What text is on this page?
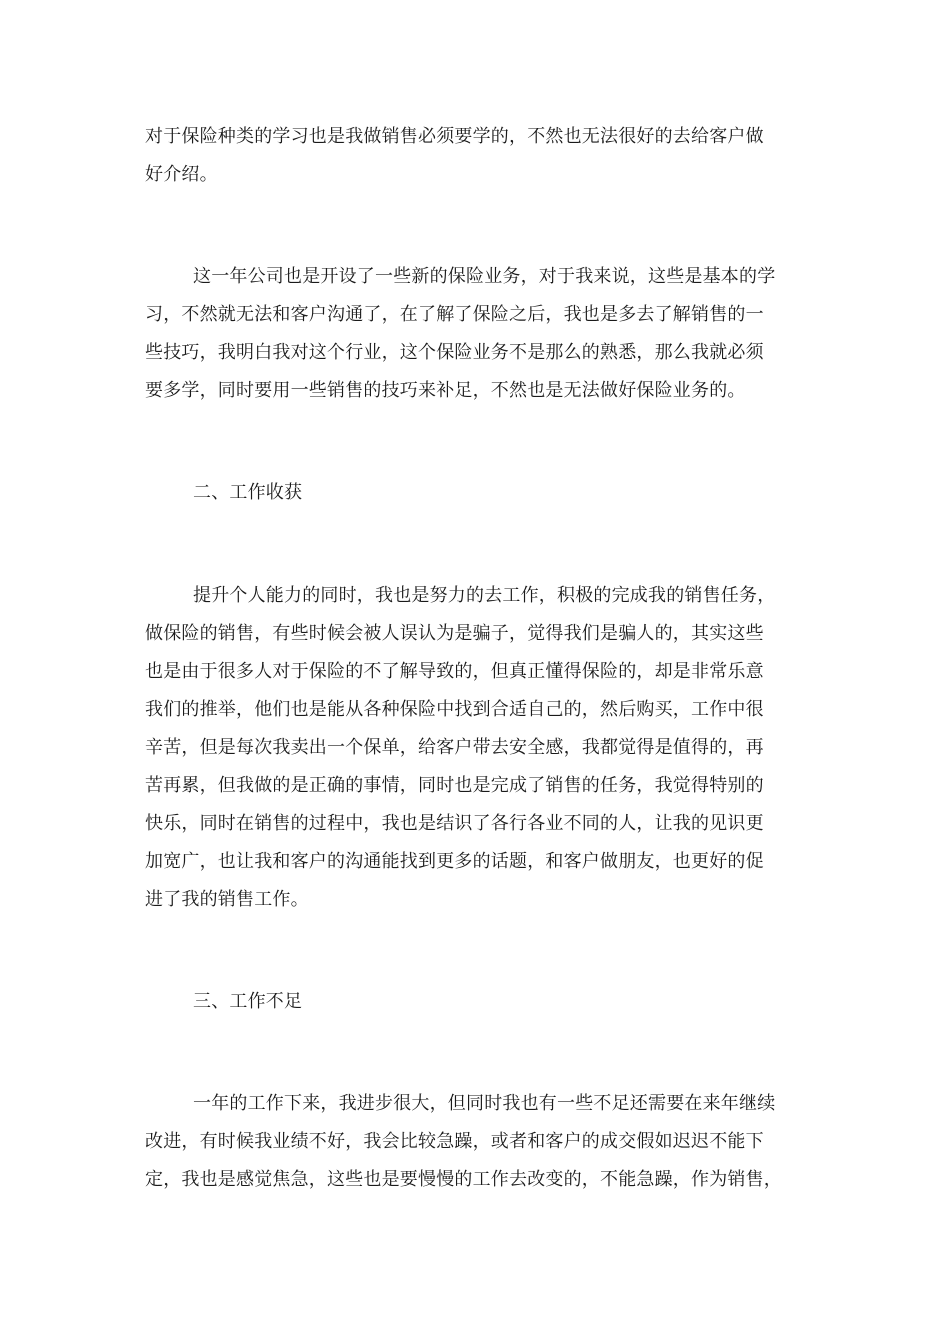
对于保险种类的学习也是我做销售必须要学的，不然也无法很好的去给客户做

好介绍。

这一年公司也是开设了一些新的保险业务，对于我来说，这些是基本的学

习，不然就无法和客户沟通了，在了解了保险之后，我也是多去了解销售的一

些技巧，我明白我对这个行业，这个保险业务不是那么的熟悉，那么我就必须

要多学，同时要用一些销售的技巧来补足，不然也是无法做好保险业务的。

二、工作收获

提升个人能力的同时，我也是努力的去工作，积极的完成我的销售任务，

做保险的销售，有些时候会被人误认为是骗子，觉得我们是骗人的，其实这些

也是由于很多人对于保险的不了解导致的，但真正懂得保险的，却是非常乐意

我们的推举，他们也是能从各种保险中找到合适自己的，然后购买，工作中很

辛苦，但是每次我卖出一个保单，给客户带去安全感，我都觉得是值得的，再

苦再累，但我做的是正确的事情，同时也是完成了销售的任务，我觉得特别的

快乐，同时在销售的过程中，我也是结识了各行各业不同的人，让我的见识更

加宽广，也让我和客户的沟通能找到更多的话题，和客户做朋友，也更好的促

进了我的销售工作。

三、工作不足

一年的工作下来，我进步很大，但同时我也有一些不足还需要在来年继续

改进，有时候我业绩不好，我会比较急躁，或者和客户的成交假如迟迟不能下

定，我也是感觉焦急，这些也是要慢慢的工作去改变的，不能急躁，作为销售，
